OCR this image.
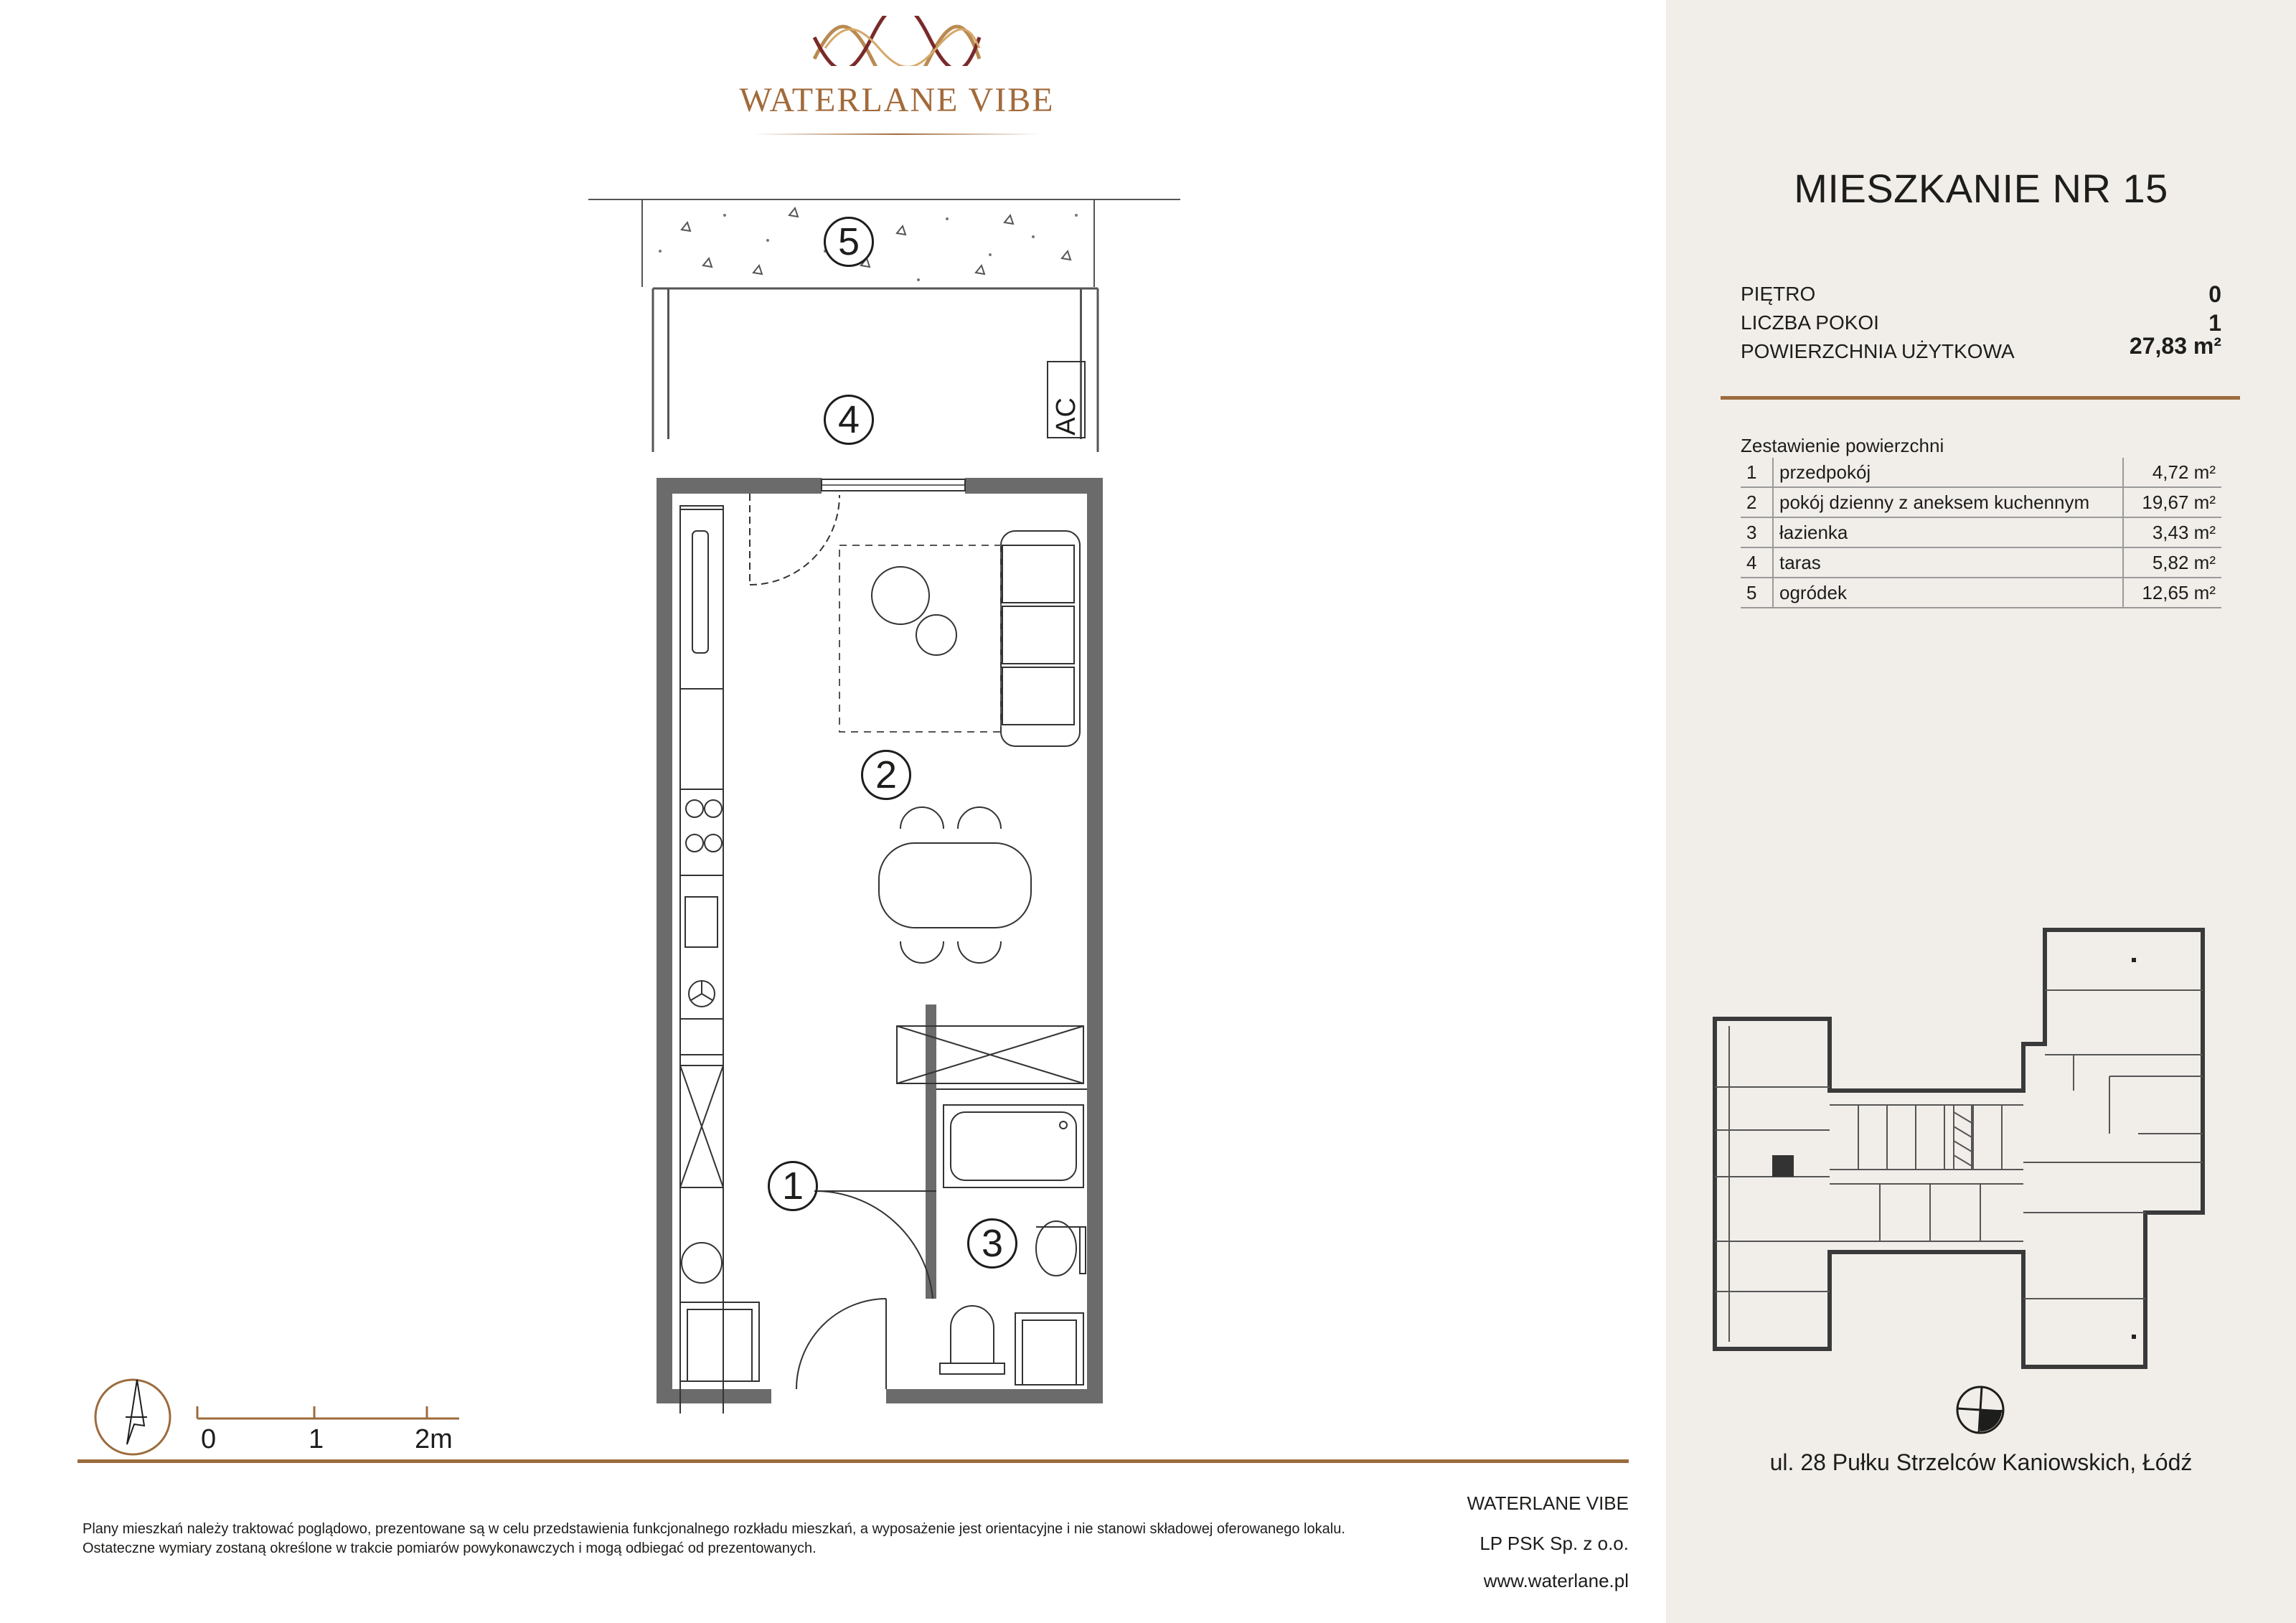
WATERLANE VIBE
5
4	AC
2
1
3
0	1	2m
Plany mieszkań należy traktować poglądowo, prezentowane są w celu przedstawienia funkcjonalnego rozkładu mieszkań, a wyposażenie jest orientacyjne i nie stanowi składowej oferowanego lokalu.
Ostateczne wymiary zostaną określone w trakcie pomiarów powykonawczych i mogą odbiegać od prezentowanych.
WATERLANE VIBE
LP PSK Sp. z o.o.
www.waterlane.pl
MIESZKANIE NR 15
PIĘTRO	0
LICZBA POKOI	1
POWIERZCHNIA UŻYTKOWA	27,83 m²
Zestawienie powierzchni
1	przedpokój	4,72 m²
2	pokój dzienny z aneksem kuchennym	19,67 m²
3	łazienka	3,43 m²
4	taras	5,82 m²
5	ogródek	12,65 m²
ul. 28 Pułku Strzelców Kaniowskich, Łódź
